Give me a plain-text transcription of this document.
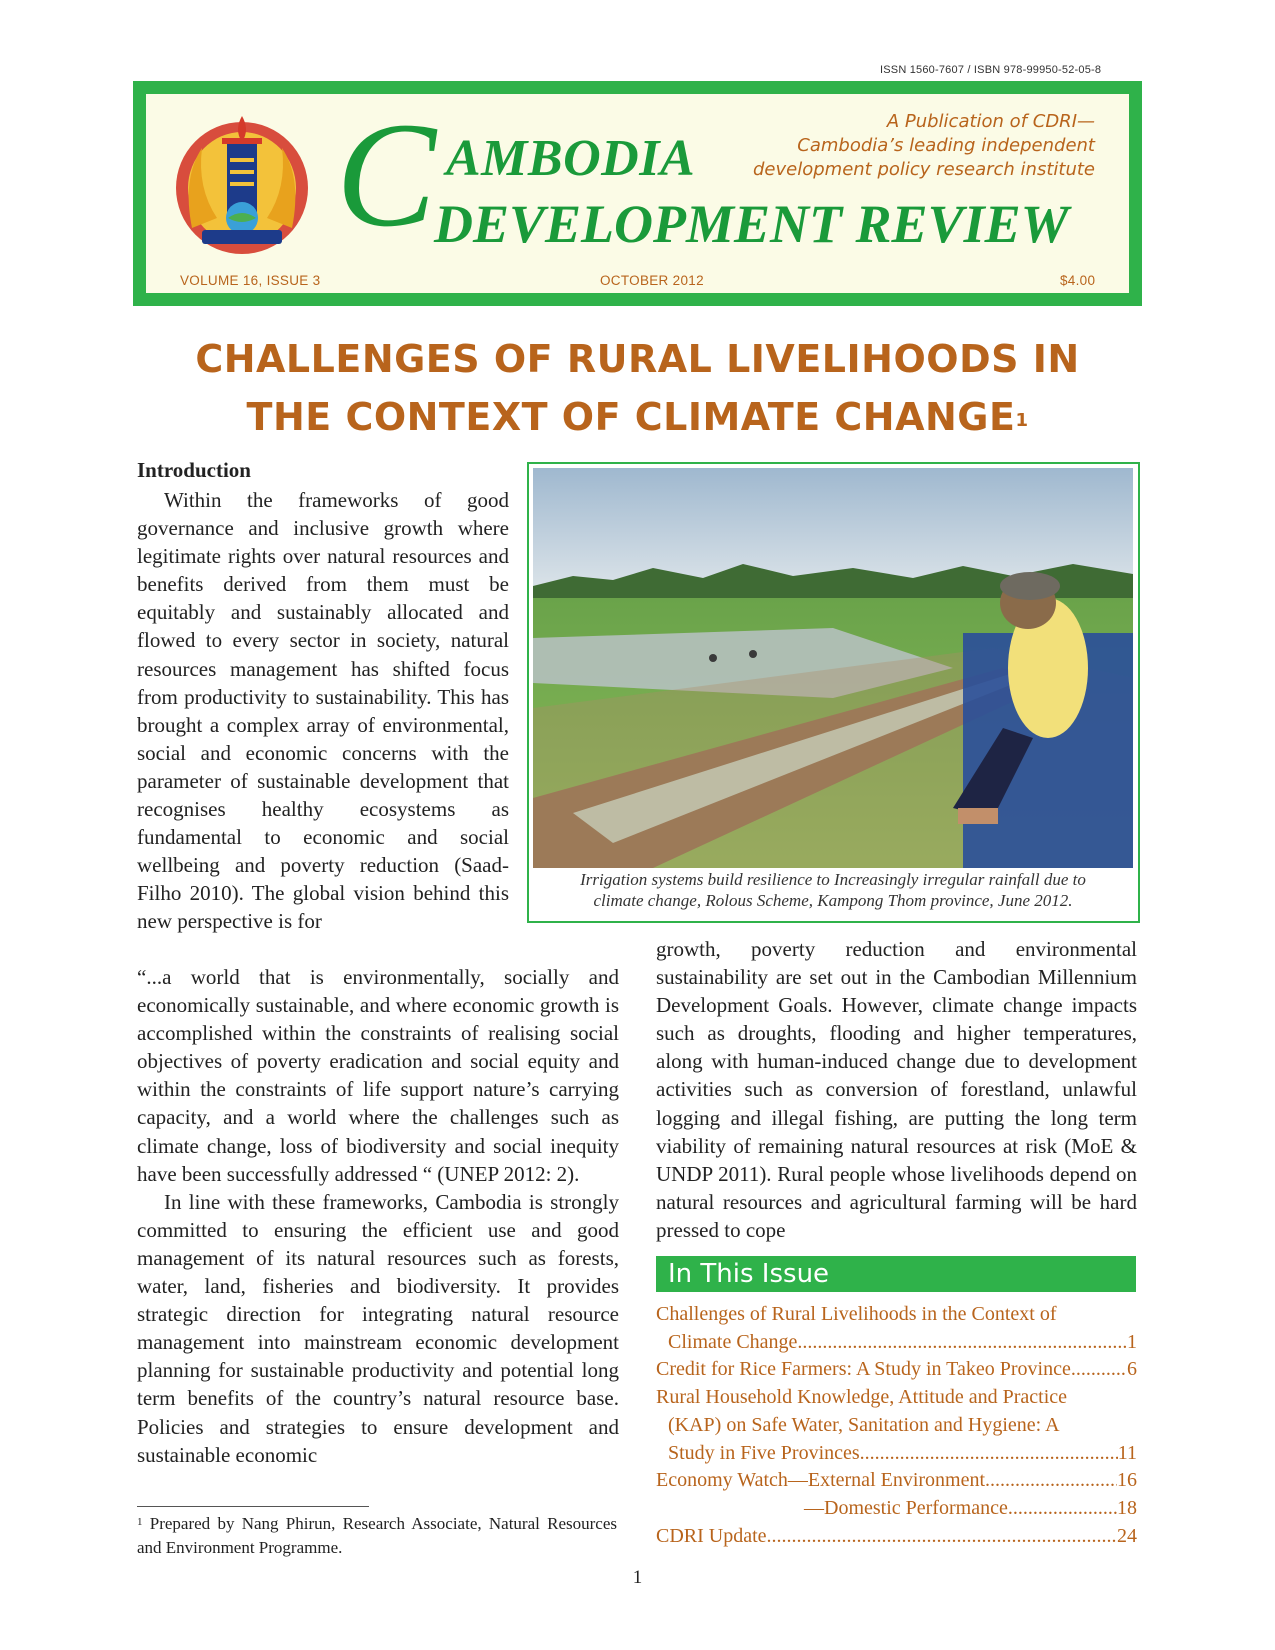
ISSN 1560-7607 / ISBN 978-99950-52-05-8
C AMBODIA
DEVELOPMENT REVIEW
A Publication of CDRI—
Cambodia’s leading independent
development policy research institute
VOLUME 16, ISSUE 3	OCTOBER 2012	$4.00
CHALLENGES OF RURAL LIVELIHOODS IN
THE CONTEXT OF CLIMATE CHANGE$^1$
Introduction

Within the frameworks of good governance and inclusive growth where legitimate rights over natural resources and benefits derived from them must be equitably and sustainably allocated and flowed to every sector in society, natural resources management has shifted focus from productivity to sustainability. This has brought a complex array of environmental, social and economic concerns with the parameter of sustainable development that recognises healthy ecosystems as fundamental to economic and social wellbeing and poverty reduction (Saad-Filho 2010). The global vision behind this new perspective is for

Irrigation systems build resilience to Increasingly irregular rainfall due to
climate change, Rolous Scheme, Kampong Thom province, June 2012.

“...a world that is environmentally, socially and economically sustainable, and where economic growth is accomplished within the constraints of realising social objectives of poverty eradication and social equity and within the constraints of life support nature’s carrying capacity, and a world where the challenges such as climate change, loss of biodiversity and social inequity have been successfully addressed “ (UNEP 2012: 2).

In line with these frameworks, Cambodia is strongly committed to ensuring the efficient use and good management of its natural resources such as forests, water, land, fisheries and biodiversity. It provides strategic direction for integrating natural resource management into mainstream economic development planning for sustainable productivity and potential long term benefits of the country’s natural resource base. Policies and strategies to ensure development and sustainable economic

growth, poverty reduction and environmental sustainability are set out in the Cambodian Millennium Development Goals. However, climate change impacts such as droughts, flooding and higher temperatures, along with human-induced change due to development activities such as conversion of forestland, unlawful logging and illegal fishing, are putting the long term viability of remaining natural resources at risk (MoE & UNDP 2011). Rural people whose livelihoods depend on natural resources and agricultural farming will be hard pressed to cope

In This Issue
Challenges of Rural Livelihoods in the Context of
Climate Change .....	1
Credit for Rice Farmers: A Study in Takeo Province .....	6
Rural Household Knowledge, Attitude and Practice
(KAP) on Safe Water, Sanitation and Hygiene: A
Study in Five Provinces .....	11
Economy Watch—External Environment .....	16
—Domestic Performance .....	18
CDRI Update .....	24
$^1$ Prepared by Nang Phirun, Research Associate, Natural Resources and Environment Programme.
1
